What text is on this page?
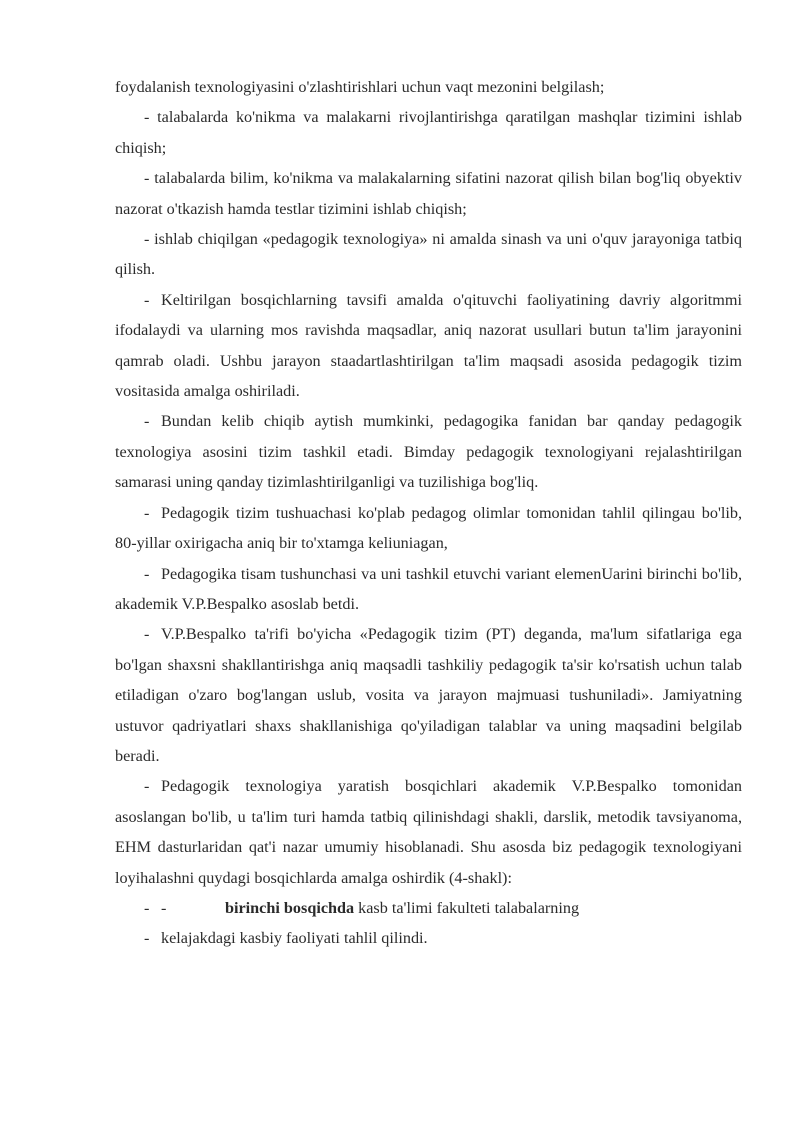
foydalanish texnologiyasini o'zlashtirishlari uchun vaqt mezonini belgilash;

- talabalarda ko'nikma va malakarni rivojlantirishga qaratilgan mashqlar tizimini ishlab chiqish;

- talabalarda bilim, ko'nikma va malakalarning sifatini nazorat qilish bilan bog'liq obyektiv nazorat o'tkazish hamda testlar tizimini ishlab chiqish;

- ishlab chiqilgan «pedagogik texnologiya» ni amalda sinash va uni o'quv jarayoniga tatbiq qilish.

- Keltirilgan bosqichlarning tavsifi amalda o'qituvchi faoliyatining davriy algoritmmi ifodalaydi va ularning mos ravishda maqsadlar, aniq nazorat usullari butun ta'lim jarayonini qamrab oladi. Ushbu jarayon staadartlashtirilgan ta'lim maqsadi asosida pedagogik tizim vositasida amalga oshiriladi.

- Bundan kelib chiqib aytish mumkinki, pedagogika fanidan bar qanday pedagogik texnologiya asosini tizim tashkil etadi. Bimday pedagogik texnologiyani rejalashtirilgan samarasi uning qanday tizimlashtirilganligi va tuzilishiga bog'liq.

- Pedagogik tizim tushuachasi ko'plab pedagog olimlar tomonidan tahlil qilingau bo'lib, 80-yillar oxirigacha aniq bir to'xtamga keliuniagan,

- Pedagogika tisam tushunchasi va uni tashkil etuvchi variant elemenUarini birinchi bo'lib, akademik V.P.Bespalko asoslab betdi.

- V.P.Bespalko ta'rifi bo'yicha «Pedagogik tizim (PT) deganda, ma'lum sifatlariga ega bo'lgan shaxsni shakllantirishga aniq maqsadli tashkiliy pedagogik ta'sir ko'rsatish uchun talab etiladigan o'zaro bog'langan uslub, vosita va jarayon majmuasi tushuniladi». Jamiyatning ustuvor qadriyatlari shaxs shakllanishiga qo'yiladigan talablar va uning maqsadini belgilab beradi.

- Pedagogik texnologiya yaratish bosqichlari akademik V.P.Bespalko tomonidan asoslangan bo'lib, u ta'lim turi hamda tatbiq qilinishdagi shakli, darslik, metodik tavsiyanoma, EHM dasturlaridan qat'i nazar umumiy hisoblanadi. Shu asosda biz pedagogik texnologiyani loyihalashni quydagi bosqichlarda amalga oshirdik (4-shakl):

- -	birinchi bosqichda kasb ta'limi fakulteti talabalarning

- kelajakdagi kasbiy faoliyati tahlil qilindi.
